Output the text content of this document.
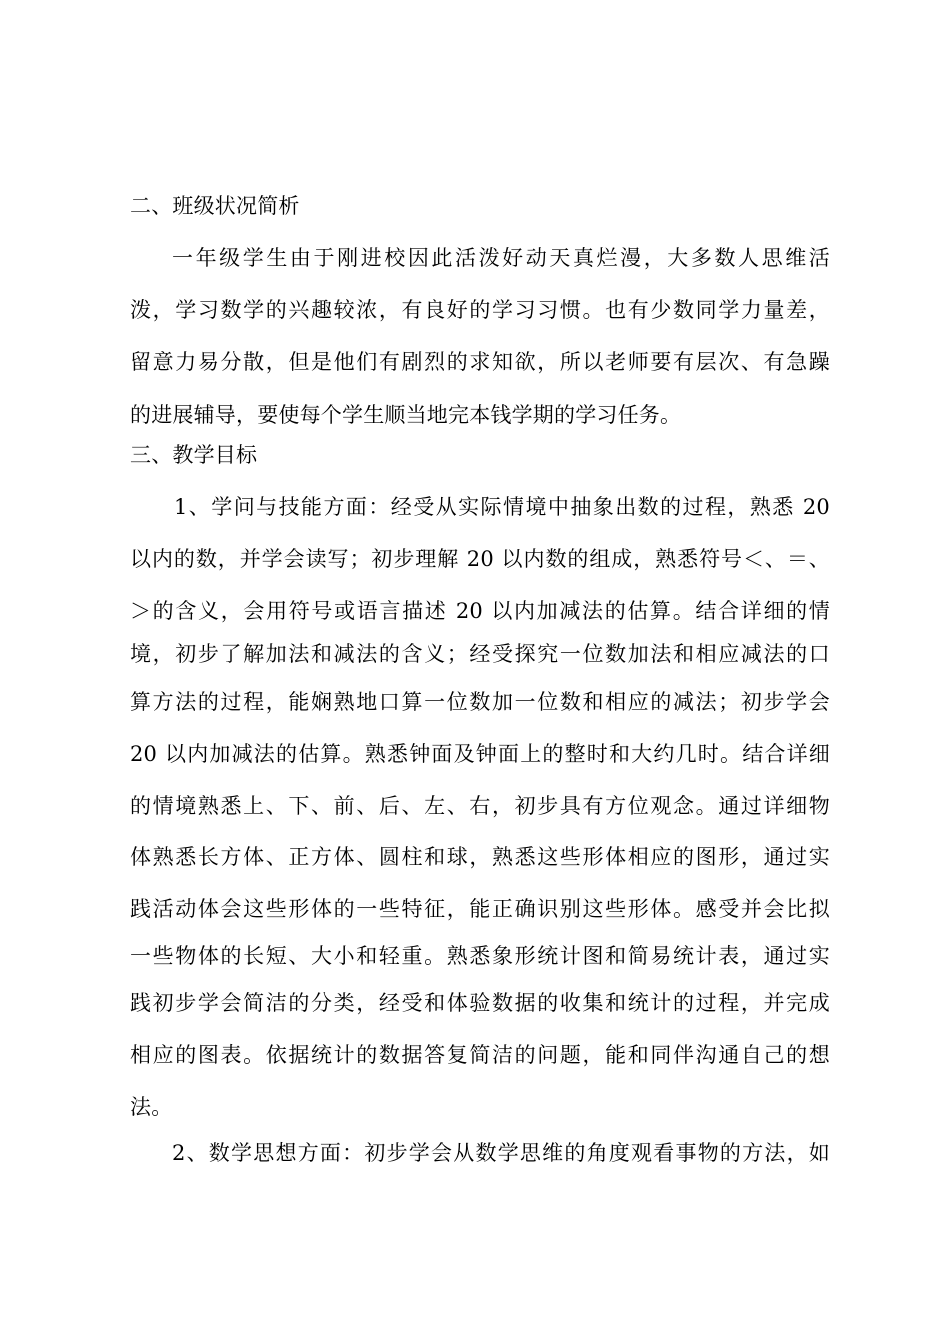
二、班级状况简析
一年级学生由于刚进校因此活泼好动天真烂漫，大多数人思维活
泼，学习数学的兴趣较浓，有良好的学习习惯。也有少数同学力量差，
留意力易分散，但是他们有剧烈的求知欲，所以老师要有层次、有急躁
的进展辅导，要使每个学生顺当地完本钱学期的学习任务。
三、教学目标
1、学问与技能方面：经受从实际情境中抽象出数的过程，熟悉 20
以内的数，并学会读写；初步理解 20 以内数的组成，熟悉符号＜、＝、
＞的含义，会用符号或语言描述 20 以内加减法的估算。结合详细的情
境，初步了解加法和减法的含义；经受探究一位数加法和相应减法的口
算方法的过程，能娴熟地口算一位数加一位数和相应的减法；初步学会
20 以内加减法的估算。熟悉钟面及钟面上的整时和大约几时。结合详细
的情境熟悉上、下、前、后、左、右，初步具有方位观念。通过详细物
体熟悉长方体、正方体、圆柱和球，熟悉这些形体相应的图形，通过实
践活动体会这些形体的一些特征，能正确识别这些形体。感受并会比拟
一些物体的长短、大小和轻重。熟悉象形统计图和简易统计表，通过实
践初步学会简洁的分类，经受和体验数据的收集和统计的过程，并完成
相应的图表。依据统计的数据答复简洁的问题，能和同伴沟通自己的想
法。
2、数学思想方面：初步学会从数学思维的角度观看事物的方法，如
